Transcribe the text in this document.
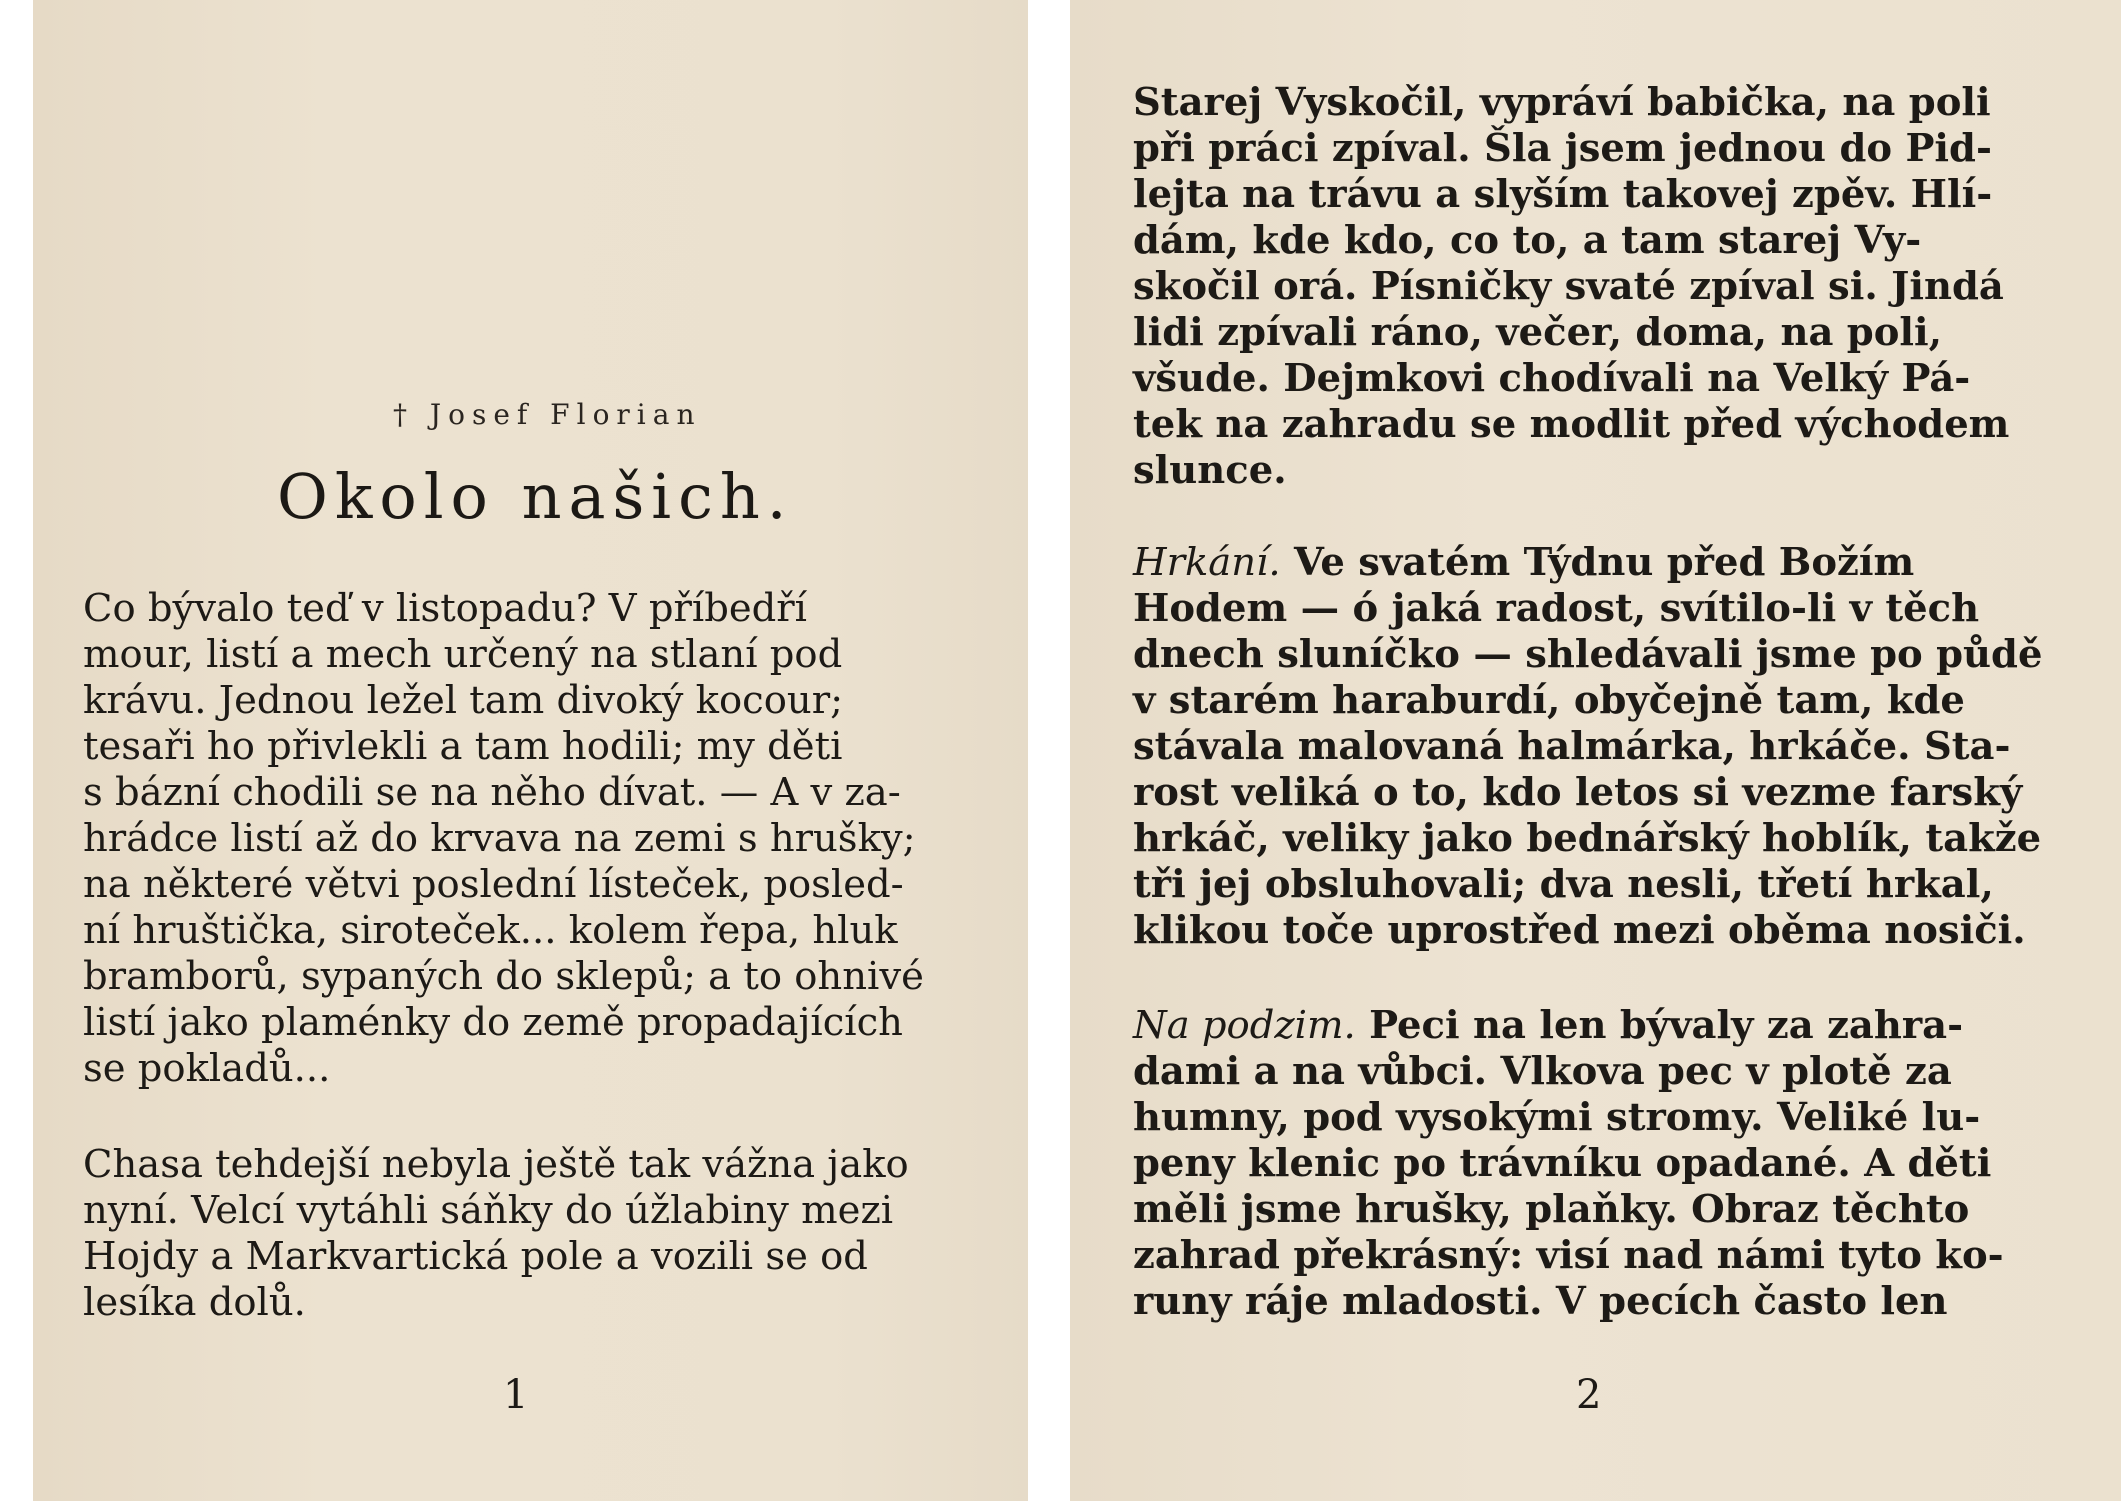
† Josef Florian
Okolo našich.
Co bývalo teď v listopadu? V příbedří
mour, listí a mech určený na stlaní pod
krávu. Jednou ležel tam divoký kocour;
tesaři ho přivlekli a tam hodili; my děti
s bázní chodili se na něho dívat. — A v za-
hrádce listí až do krvava na zemi s hrušky;
na některé větvi poslední lísteček, posled-
ní hruštička, siroteček... kolem řepa, hluk
bramborů, sypaných do sklepů; a to ohnivé
listí jako plaménky do země propadajících
se pokladů...
Chasa tehdejší nebyla ještě tak vážna jako
nyní. Velcí vytáhli sáňky do úžlabiny mezi
Hojdy a Markvartická pole a vozili se od
lesíka dolů.
1
Starej Vyskočil, vypráví babička, na poli
při práci zpíval. Šla jsem jednou do Pid-
lejta na trávu a slyším takovej zpěv. Hlí-
dám, kde kdo, co to, a tam starej Vy-
skočil orá. Písničky svaté zpíval si. Jindá
lidi zpívali ráno, večer, doma, na poli,
všude. Dejmkovi chodívali na Velký Pá-
tek na zahradu se modlit před východem
slunce.
Hrkání. Ve svatém Týdnu před Božím
Hodem — ó jaká radost, svítilo-li v těch
dnech sluníčko — shledávali jsme po půdě
v starém haraburdí, obyčejně tam, kde
stávala malovaná halmárka, hrkáče. Sta-
rost veliká o to, kdo letos si vezme farský
hrkáč, veliky jako bednářský hoblík, takže
tři jej obsluhovali; dva nesli, třetí hrkal,
klikou toče uprostřed mezi oběma nosiči.
Na podzim. Peci na len bývaly za zahra-
dami a na vůbci. Vlkova pec v plotě za
humny, pod vysokými stromy. Veliké lu-
peny klenic po trávníku opadané. A děti
měli jsme hrušky, plaňky. Obraz těchto
zahrad překrásný: visí nad námi tyto ko-
runy ráje mladosti. V pecích často len
2
